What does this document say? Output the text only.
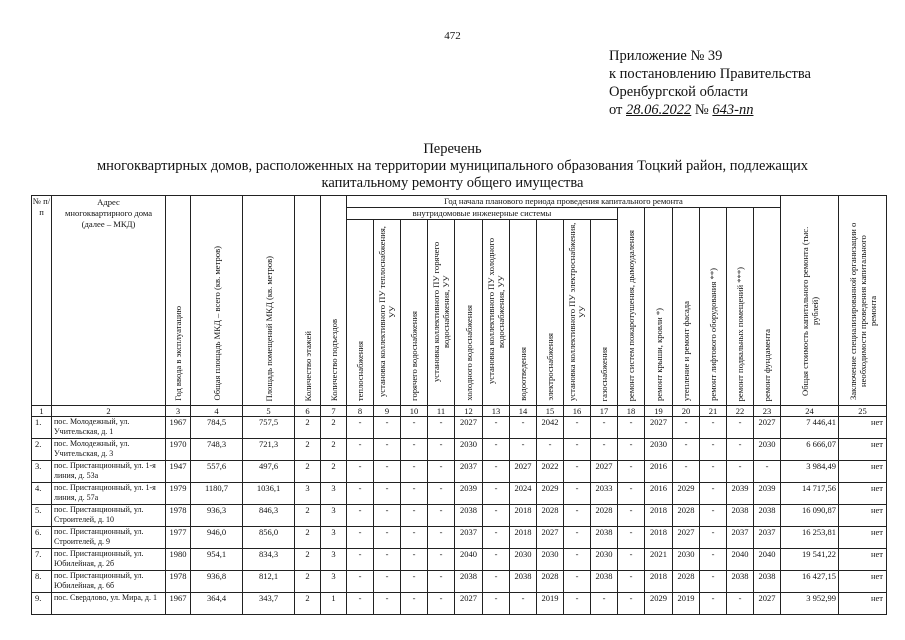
472
Приложение № 39
к постановлению Правительства
Оренбургской области
от 28.06.2022 № 643-пп
Перечень
многоквартирных домов, расположенных на территории муниципального образования Тоцкий район, подлежащих
капитальному ремонту общего имущества
№ п/п	Адрес многоквартирного дома (далее – МКД)	Год ввода в эксплуатацию	Общая площадь МКД – всего (кв. метров)	Площадь помещений МКД (кв. метров)	Количество этажей	Количество подъездов	Год начала планового периода проведения капитального ремонта																Общая стоимость капитального ремонта (тыс. рублей)	Заключение специализированной организации о необходимости проведения капитального ремонта
							внутридомовые инженерные системы										ремонт систем пожаротушения, дымоудаления	ремонт крыши, кровли *)	утепление и ремонт фасада	ремонт лифтового оборудования **)	ремонт подвальных помещений ***)	ремонт фундамента		
							теплоснабжения	установка коллективного ПУ теплоснабжения, УУ	горячего водоснабжения	установка коллективного ПУ горячего водоснабжения, УУ	холодного водоснабжения	установка коллективного ПУ холодного водоснабжения, УУ	водоотведения	электроснабжения	установка коллективного ПУ электроснабжения, УУ	газоснабжения								
1	2	3	4	5	6	7	8	9	10	11	12	13	14	15	16	17	18	19	20	21	22	23	24	25
1.	пос. Молодежный, ул. Учительская, д. 1	1967	784,5	757,5	2	2	-	-	-	-	2027	-	-	2042	-	-	-	2027	-	-	-	2027	7 446,41	нет
2.	пос. Молодежный, ул. Учительская, д. 3	1970	748,3	721,3	2	2	-	-	-	-	2030	-	-	-	-	-	-	2030	-	-	-	2030	6 666,07	нет
3.	пос. Пристанционный, ул. 1-я линия, д. 53а	1947	557,6	497,6	2	2	-	-	-	-	2037	-	2027	2022	-	2027	-	2016	-	-	-	-	3 984,49	нет
4.	пос. Пристанционный, ул. 1-я линия, д. 57а	1979	1180,7	1036,1	3	3	-	-	-	-	2039	-	2024	2029	-	2033	-	2016	2029	-	2039	2039	14 717,56	нет
5.	пос. Пристанционный, ул. Строителей, д. 10	1978	936,3	846,3	2	3	-	-	-	-	2038	-	2018	2028	-	2028	-	2018	2028	-	2038	2038	16 090,87	нет
6.	пос. Пристанционный, ул. Строителей, д. 9	1977	946,0	856,0	2	3	-	-	-	-	2037	-	2018	2027	-	2038	-	2018	2027	-	2037	2037	16 253,81	нет
7.	пос. Пристанционный, ул. Юбилейная, д. 2б	1980	954,1	834,3	2	3	-	-	-	-	2040	-	2030	2030	-	2030	-	2021	2030	-	2040	2040	19 541,22	нет
8.	пос. Пристанционный, ул. Юбилейная, д. 6б	1978	936,8	812,1	2	3	-	-	-	-	2038	-	2038	2028	-	2038	-	2018	2028	-	2038	2038	16 427,15	нет
9.	пос. Свердлово, ул. Мира, д. 1	1967	364,4	343,7	2	1	-	-	-	-	2027	-	-	2019	-	-	-	2029	2019	-	-	2027	3 952,99	нет
